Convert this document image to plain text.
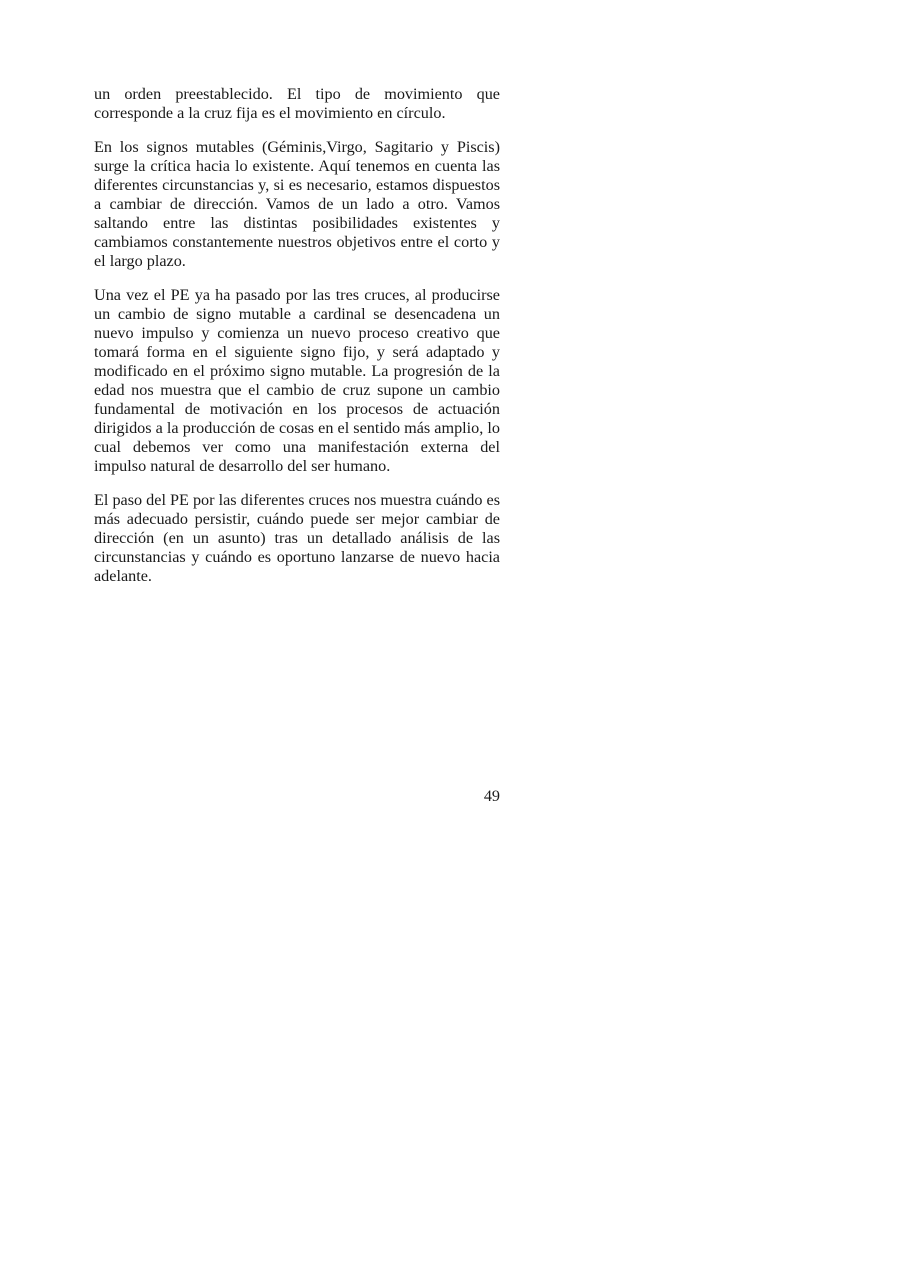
un orden preestablecido. El tipo de movimiento que corresponde a la cruz fija es el movimiento en círculo.

En los signos mutables (Géminis,Virgo, Sagitario y Piscis) surge la crítica hacia lo existente. Aquí tenemos en cuenta las diferentes circunstancias y, si es necesario, estamos dispuestos a cambiar de dirección. Vamos de un lado a otro. Vamos saltando entre las distintas posibilidades existentes y cambiamos constantemente nuestros objetivos entre el corto y el largo plazo.

Una vez el PE ya ha pasado por las tres cruces, al producirse un cambio de signo mutable a cardinal se desencadena un nuevo impulso y comienza un nuevo proceso creativo que tomará forma en el siguiente signo fijo, y será adaptado y modificado en el próximo signo mutable. La progresión de la edad nos muestra que el cambio de cruz supone un cambio fundamental de motivación en los procesos de actuación dirigidos a la producción de cosas en el sentido más amplio, lo cual debemos ver como una manifestación externa del impulso natural de desarrollo del ser humano.

El paso del PE por las diferentes cruces nos muestra cuándo es más adecuado persistir, cuándo puede ser mejor cambiar de dirección (en un asunto) tras un detallado análisis de las circunstancias y cuándo es oportuno lanzarse de nuevo hacia adelante.

49
